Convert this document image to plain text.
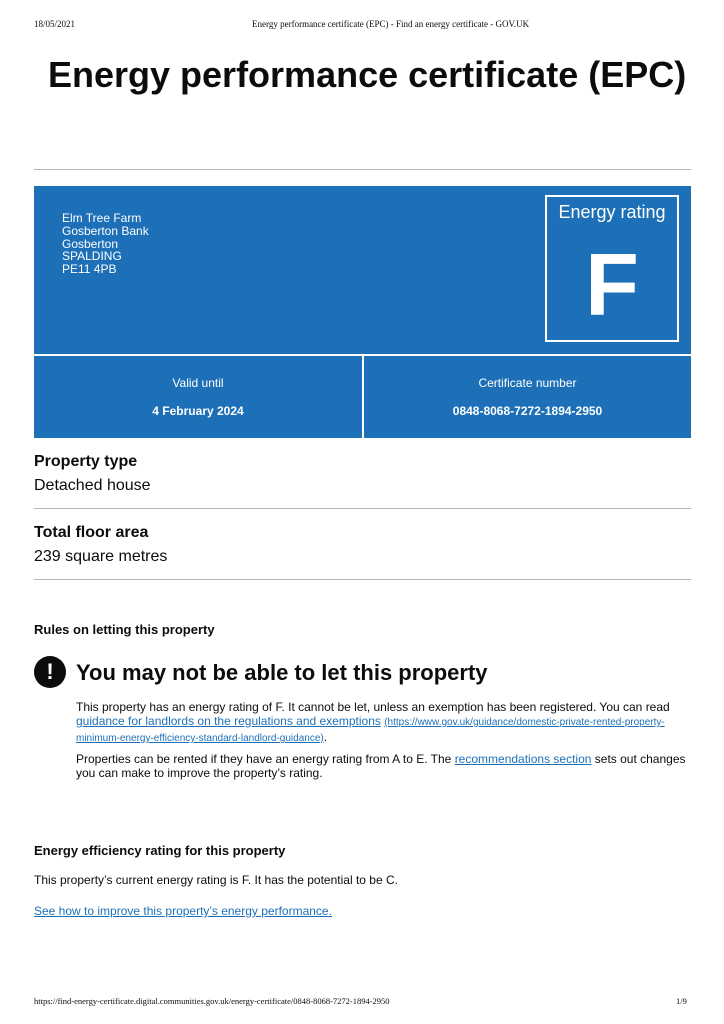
18/05/2021	Energy performance certificate (EPC) - Find an energy certificate - GOV.UK
Energy performance certificate (EPC)
Elm Tree Farm
Gosberton Bank
Gosberton
SPALDING
PE11 4PB
Energy rating
F
Valid until
4 February 2024
Certificate number
0848-8068-7272-1894-2950
Property type
Detached house
Total floor area
239 square metres
Rules on letting this property
!	You may not be able to let this property
This property has an energy rating of F. It cannot be let, unless an exemption has been registered. You can read guidance for landlords on the regulations and exemptions (https://www.gov.uk/guidance/domestic-private-rented-property-minimum-energy-efficiency-standard-landlord-guidance).
Properties can be rented if they have an energy rating from A to E. The recommendations section sets out changes you can make to improve the property’s rating.
Energy efficiency rating for this property
This property’s current energy rating is F. It has the potential to be C.
See how to improve this property’s energy performance.
https://find-energy-certificate.digital.communities.gov.uk/energy-certificate/0848-8068-7272-1894-2950	1/9
